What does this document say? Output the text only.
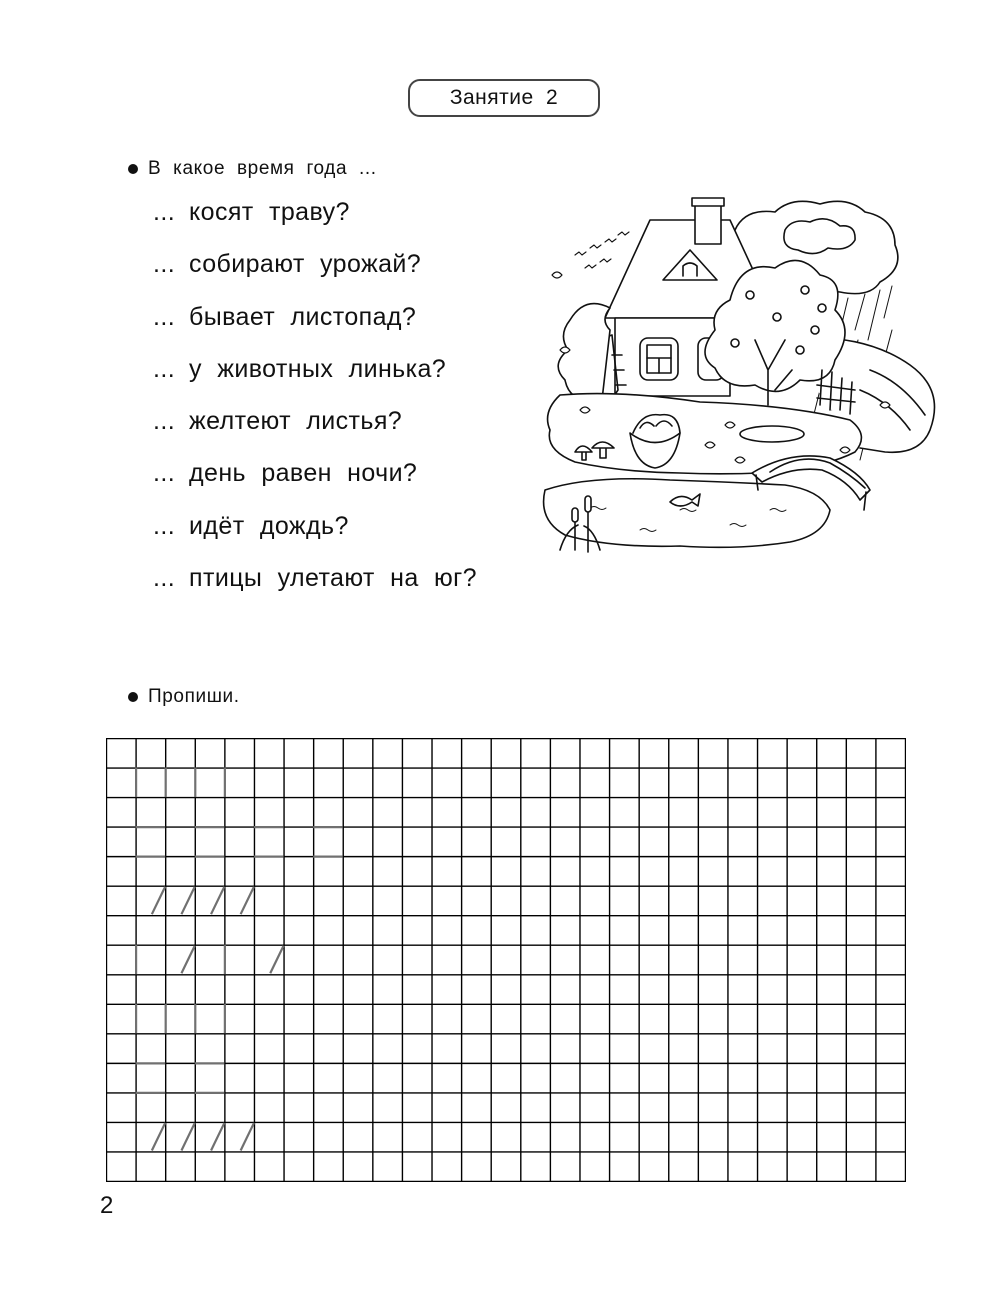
Занятие 2
В какое время года ...
... косят траву?
... собирают урожай?
... бывает листопад?
... у животных линька?
... желтеют листья?
... день равен ночи?
... идёт дождь?
... птицы улетают на юг?
Пропиши.
2
